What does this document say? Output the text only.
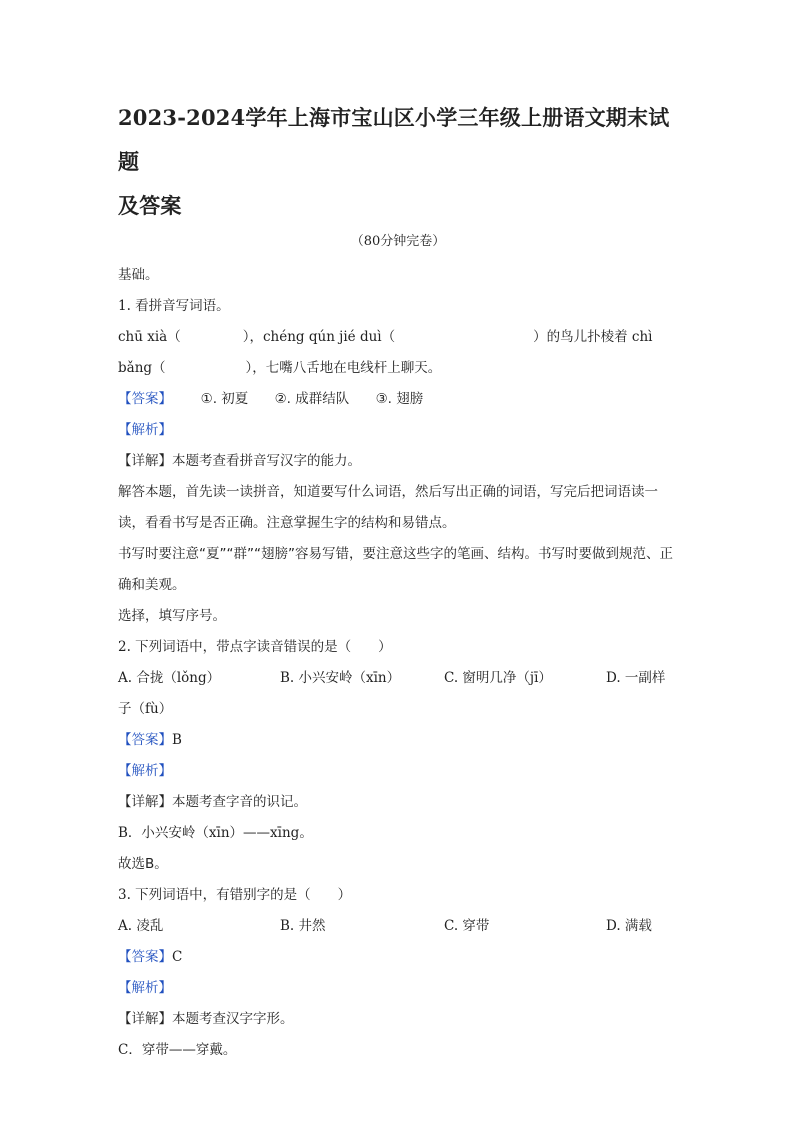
2023-2024学年上海市宝山区小学三年级上册语文期末试题
及答案
（80分钟完卷）
基础。
1. 看拼音写词语。
chū xià（	），chéng qún jié duì（	）的鸟儿扑棱着 chì
bǎng（	），七嘴八舌地在电线杆上聊天。
【答案】 ①. 初夏 ②. 成群结队 ③. 翅膀
【解析】
【详解】本题考查看拼音写汉字的能力。
解答本题，首先读一读拼音，知道要写什么词语，然后写出正确的词语，写完后把词语读一读，看看书写是否正确。注意掌握生字的结构和易错点。
书写时要注意“夏”“群”“翅膀”容易写错，要注意这些字的笔画、结构。书写时要做到规范、正确和美观。
选择，填写序号。
2. 下列词语中，带点字读音错误的是（　　）
A. 合拢（lǒng）	B. 小兴安岭（xīn）	C. 窗明几净（jī）	D. 一副样
子（fù）
【答案】B
【解析】
【详解】本题考查字音的识记。
B．小兴安岭（xīn）——xīng。
故选B。
3. 下列词语中，有错别字的是（　　）
A. 凌乱	B. 井然	C. 穿带	D. 满载
【答案】C
【解析】
【详解】本题考查汉字字形。
C．穿带——穿戴。
